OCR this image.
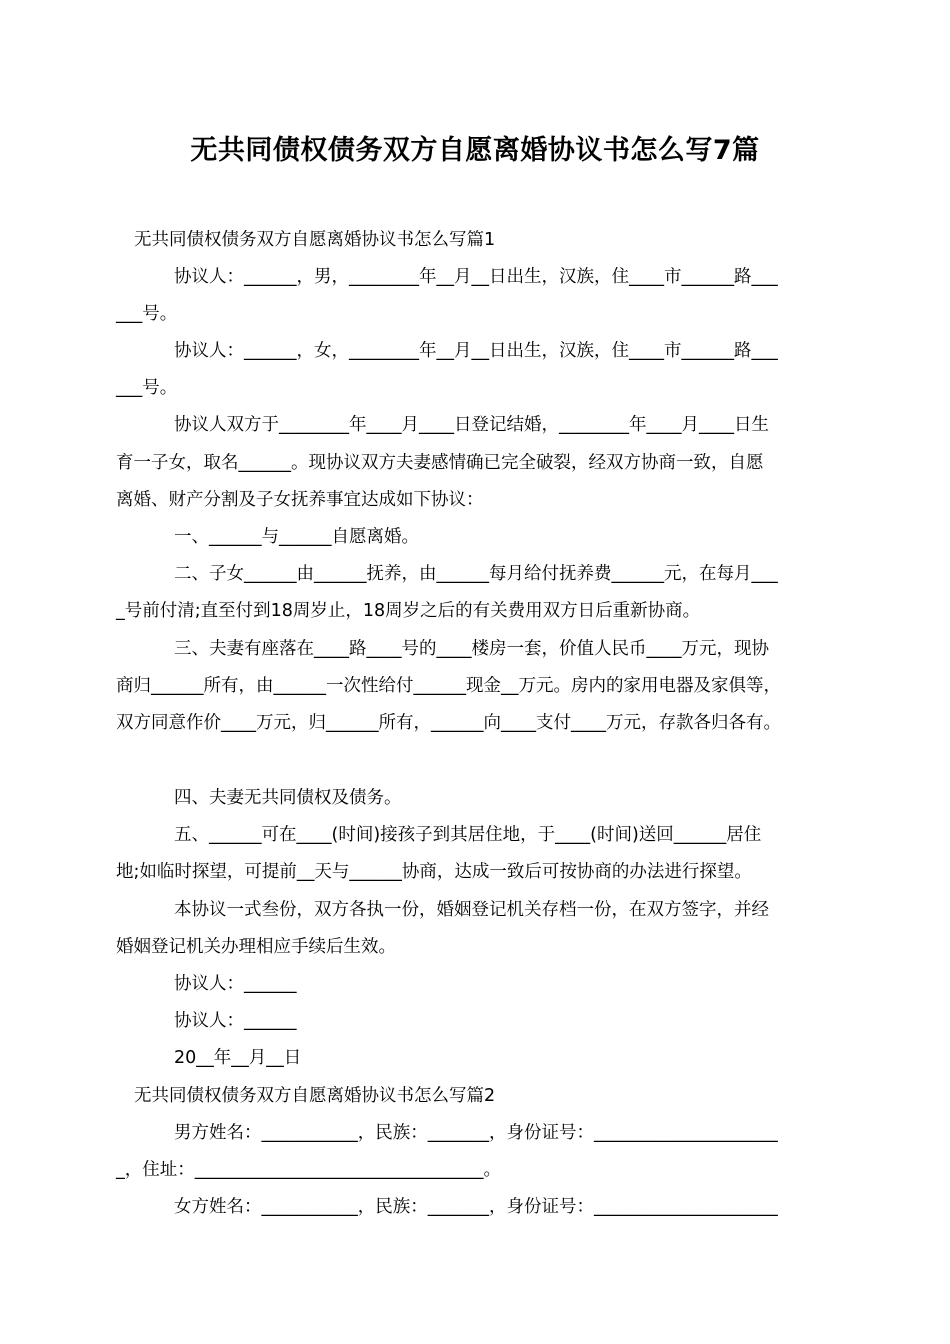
无共同债权债务双方自愿离婚协议书怎么写7篇
无共同债权债务双方自愿离婚协议书怎么写篇1
协议人：______，男，________年__月__日出生，汉族，住____市______路___
___号。
协议人：______，女，________年__月__日出生，汉族，住____市______路___
___号。
协议人双方于________年____月____日登记结婚，________年____月____日生
育一子女，取名______。现协议双方夫妻感情确已完全破裂，经双方协商一致，自愿
离婚、财产分割及子女抚养事宜达成如下协议：
一、______与______自愿离婚。
二、子女______由______抚养，由______每月给付抚养费______元，在每月___
_号前付清;直至付到18周岁止，18周岁之后的有关费用双方日后重新协商。
三、夫妻有座落在____路____号的____楼房一套，价值人民币____万元，现协
商归______所有，由______一次性给付______现金__万元。房内的家用电器及家俱等，
双方同意作价____万元，归______所有，______向____支付____万元，存款各归各有。
四、夫妻无共同债权及债务。
五、______可在____(时间)接孩子到其居住地，于____(时间)送回______居住
地;如临时探望，可提前__天与______协商，达成一致后可按协商的办法进行探望。
本协议一式叁份，双方各执一份，婚姻登记机关存档一份，在双方签字，并经
婚姻登记机关办理相应手续后生效。
协议人：______
协议人：______
20__年__月__日
无共同债权债务双方自愿离婚协议书怎么写篇2
男方姓名：___________，民族：_______，身份证号：_____________________
_，住址：_________________________________。
女方姓名：___________，民族：_______，身份证号：_____________________
